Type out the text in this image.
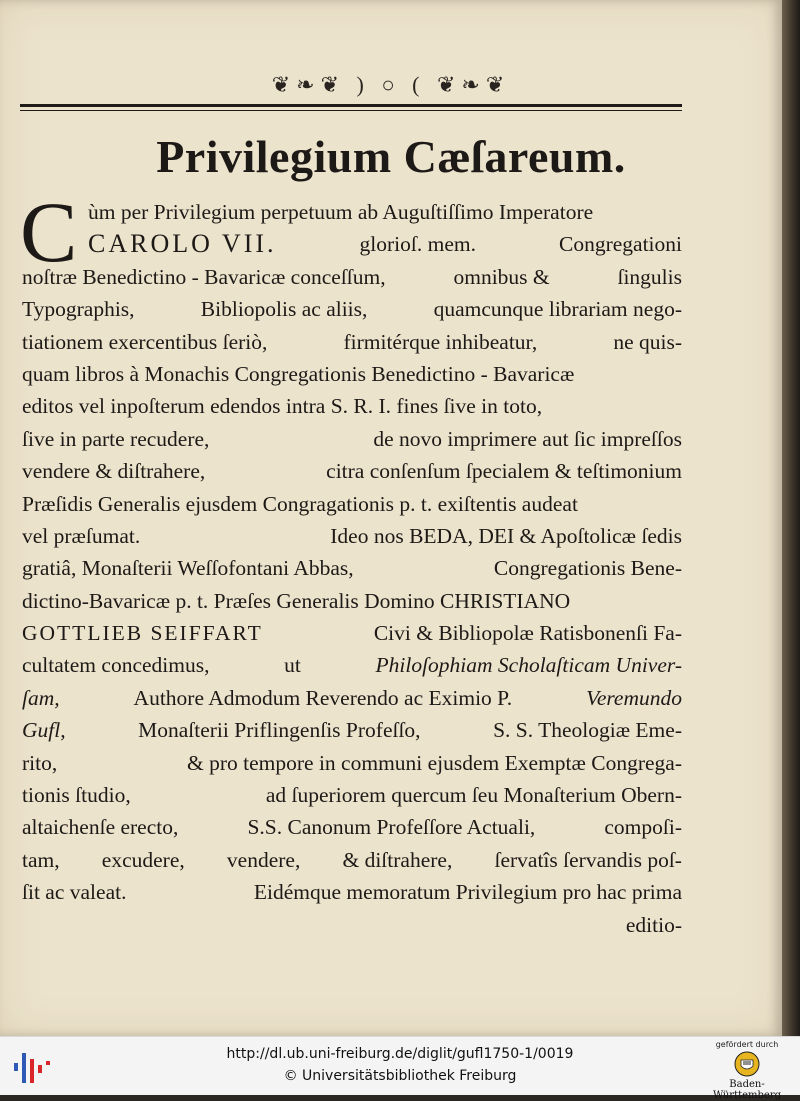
❦❧❦ ) ○ ( ❦❧❦
Privilegium Cæſareum.
C ùm per Privilegium perpetuum ab Auguſtiſſimo Imperatore
CAROLO VII.	glorioſ. mem.	Congregationi
noſtræ Benedictino - Bavaricæ conceſſum,	omnibus &	ſingulis
Typographis,	Bibliopolis ac aliis,	quamcunque librariam nego-
tiationem exercentibus ſeriò,	firmitérque inhibeatur,	ne quis-
quam libros à Monachis Congregationis Benedictino - Bavaricæ
editos vel inpoſterum edendos intra S. R. I. fines ſive in toto,
ſive in parte recudere,	de novo imprimere aut ſic impreſſos
vendere & diſtrahere,	citra conſenſum ſpecialem & teſtimonium
Præſidis Generalis ejusdem Congragationis p. t. exiſtentis audeat
vel præſumat.	Ideo nos BEDA, DEI & Apoſtolicæ ſedis
gratiâ, Monaſterii Weſſofontani Abbas,	Congregationis Bene-
dictino-Bavaricæ p. t. Præſes Generalis Domino CHRISTIANO
GOTTLIEB SEIFFART	Civi & Bibliopolæ Ratisbonenſi Fa-
cultatem concedimus,	ut	Philoſophiam Scholaſticam Univer-
ſam,	Authore Admodum Reverendo ac Eximio P.	Veremundo
Gufl,	Monaſterii Priflingenſis Profeſſo,	S. S. Theologiæ Eme-
rito,	& pro tempore in communi ejusdem Exemptæ Congrega-
tionis ſtudio,	ad ſuperiorem quercum ſeu Monaſterium Obern-
altaichenſe erecto,	S.S. Canonum Profeſſore Actuali,	compoſi-
tam, excudere, vendere, & diſtrahere, ſervatîs ſervandis poſ-
ſit ac valeat.	Eidémque memoratum Privilegium pro hac prima
editio-
http://dl.ub.uni-freiburg.de/diglit/gufl1750-1/0019
© Universitätsbibliothek Freiburg
gefördert durch
Baden-Württemberg
